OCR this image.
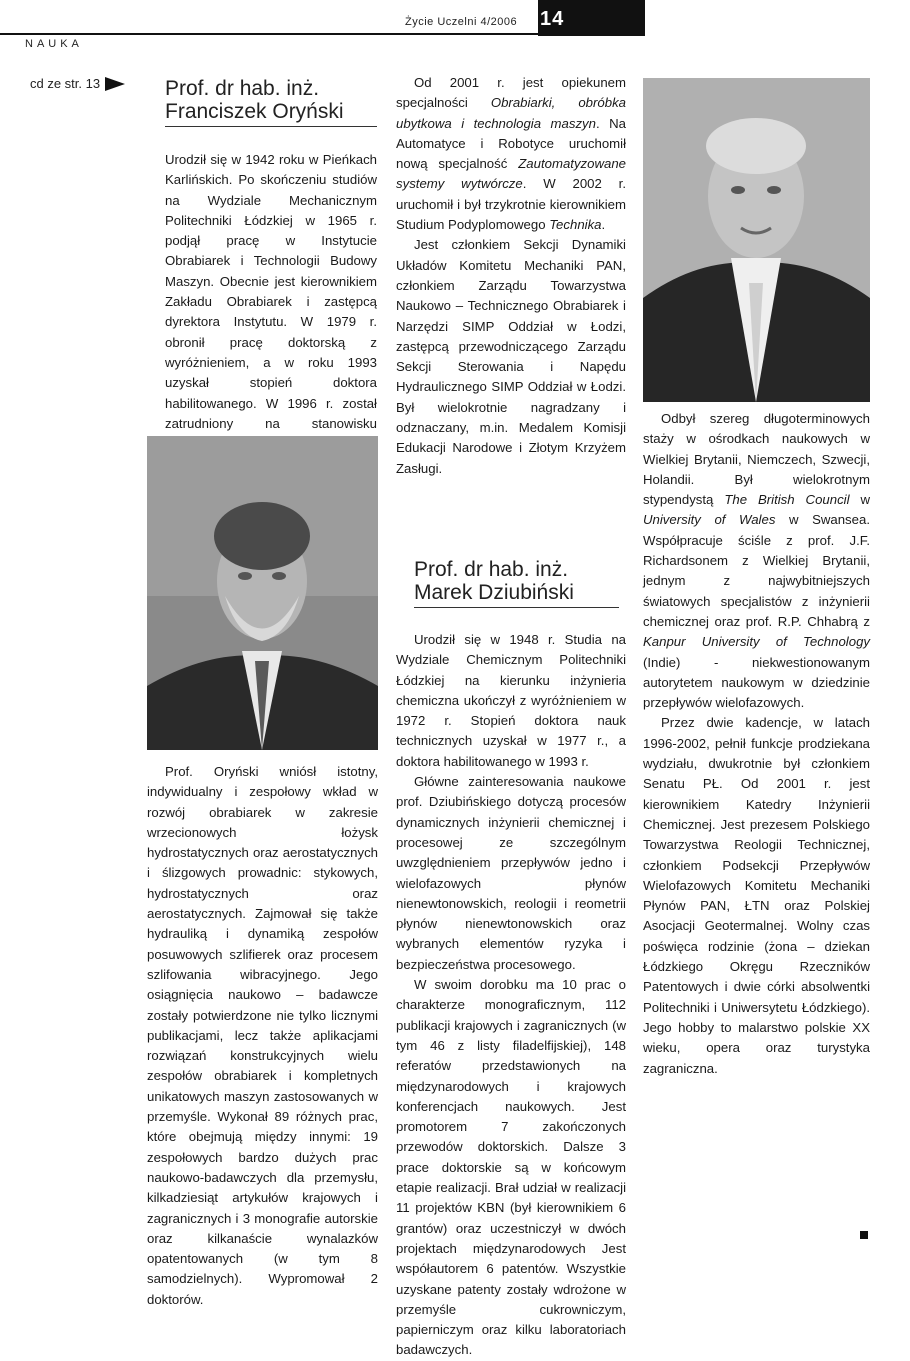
14
Życie Uczelni 4/2006
NAUKA
cd ze str. 13	Prof. dr hab. inż.
Franciszek Oryński

Urodził się w 1942 roku w Pieńkach Karlińskich. Po skończeniu studiów na Wydziale Mechanicznym Politechniki Łódzkiej w 1965 r. podjął pracę w Instytucie Obrabiarek i Technologii Budowy Maszyn. Obecnie jest kierownikiem Zakładu Obrabiarek i zastępcą dyrektora Instytutu. W 1979 r. obronił pracę doktorską z wyróżnieniem, a w roku 1993 uzyskał stopień doktora habilitowanego. W 1996 r. został zatrudniony na stanowisku

Prof. Oryński wniósł istotny, indywidualny i zespołowy wkład w rozwój obrabiarek w zakresie wrzecionowych łożysk hydrostatycznych oraz aerostatycznych i ślizgowych prowadnic: stykowych, hydrostatycznych oraz aerostatycznych. Zajmował się także hydrauliką i dynamiką zespołów posuwowych szlifierek oraz procesem szlifowania wibracyjnego. Jego osiągnięcia naukowo – badawcze zostały potwierdzone nie tylko licznymi publikacjami, lecz także aplikacjami rozwiązań konstrukcyjnych wielu zespołów obrabiarek i kompletnych unikatowych maszyn zastosowanych w przemyśle. Wykonał 89 różnych prac, które obejmują między innymi: 19 zespołowych bardzo dużych prac naukowo-badawczych dla przemysłu, kilkadziesiąt artykułów krajowych i zagranicznych i 3 monografie autorskie oraz kilkanaście wynalazków opatentowanych (w tym 8 samodzielnych). Wypromował 2 doktorów.

Od 2001 r. jest opiekunem specjalności Obrabiarki, obróbka ubytkowa i technologia maszyn. Na Automatyce i Robotyce uruchomił nową specjalność Zautomatyzowane systemy wytwórcze. W 2002 r. uruchomił i był trzykrotnie kierownikiem Studium Podyplomowego Technika.

Jest członkiem Sekcji Dynamiki Układów Komitetu Mechaniki PAN, członkiem Zarządu Towarzystwa Naukowo – Technicznego Obrabiarek i Narzędzi SIMP Oddział w Łodzi, zastępcą przewodniczącego Zarządu Sekcji Sterowania i Napędu Hydraulicznego SIMP Oddział w Łodzi. Był wielokrotnie nagradzany i odznaczany, m.in. Medalem Komisji Edukacji Narodowe i Złotym Krzyżem Zasługi.

Prof. dr hab. inż.
Marek Dziubiński

Urodził się w 1948 r. Studia na Wydziale Chemicznym Politechniki Łódzkiej na kierunku inżynieria chemiczna ukończył z wyróżnieniem w 1972 r. Stopień doktora nauk technicznych uzyskał w 1977 r., a doktora habilitowanego w 1993 r.

Główne zainteresowania naukowe prof. Dziubińskiego dotyczą procesów dynamicznych inżynierii chemicznej i procesowej ze szczególnym uwzględnieniem przepływów jedno i wielofazowych płynów nienewtonowskich, reologii i reometrii płynów nienewtonowskich oraz wybranych elementów ryzyka i bezpieczeństwa procesowego.

W swoim dorobku ma 10 prac o charakterze monograficznym, 112 publikacji krajowych i zagranicznych (w tym 46 z listy filadelfijskiej), 148 referatów przedstawionych na międzynarodowych i krajowych konferencjach naukowych. Jest promotorem 7 zakończonych przewodów doktorskich. Dalsze 3 prace doktorskie są w końcowym etapie realizacji. Brał udział w realizacji 11 projektów KBN (był kierownikiem 6 grantów) oraz uczestniczył w dwóch projektach międzynarodowych Jest współautorem 6 patentów. Wszystkie uzyskane patenty zostały wdrożone w przemyśle cukrowniczym, papierniczym oraz kilku laboratoriach badawczych.

Odbył szereg długoterminowych staży w ośrodkach naukowych w Wielkiej Brytanii, Niemczech, Szwecji, Holandii. Był wielokrotnym stypendystą The British Council w University of Wales w Swansea. Współpracuje ściśle z prof. J.F. Richardsonem z Wielkiej Brytanii, jednym z najwybitniejszych światowych specjalistów z inżynierii chemicznej oraz prof. R.P. Chhabrą z Kanpur University of Technology (Indie) - niekwestionowanym autorytetem naukowym w dziedzinie przepływów wielofazowych.

Przez dwie kadencje, w latach 1996-2002, pełnił funkcje prodziekana wydziału, dwukrotnie był członkiem Senatu PŁ. Od 2001 r. jest kierownikiem Katedry Inżynierii Chemicznej. Jest prezesem Polskiego Towarzystwa Reologii Technicznej, członkiem Podsekcji Przepływów Wielofazowych Komitetu Mechaniki Płynów PAN, ŁTN oraz Polskiej Asocjacji Geotermalnej. Wolny czas poświęca rodzinie (żona – dziekan Łódzkiego Okręgu Rzeczników Patentowych i dwie córki absolwentki Politechniki i Uniwersytetu Łódzkiego). Jego hobby to malarstwo polskie XX wieku, opera oraz turystyka zagraniczna.
